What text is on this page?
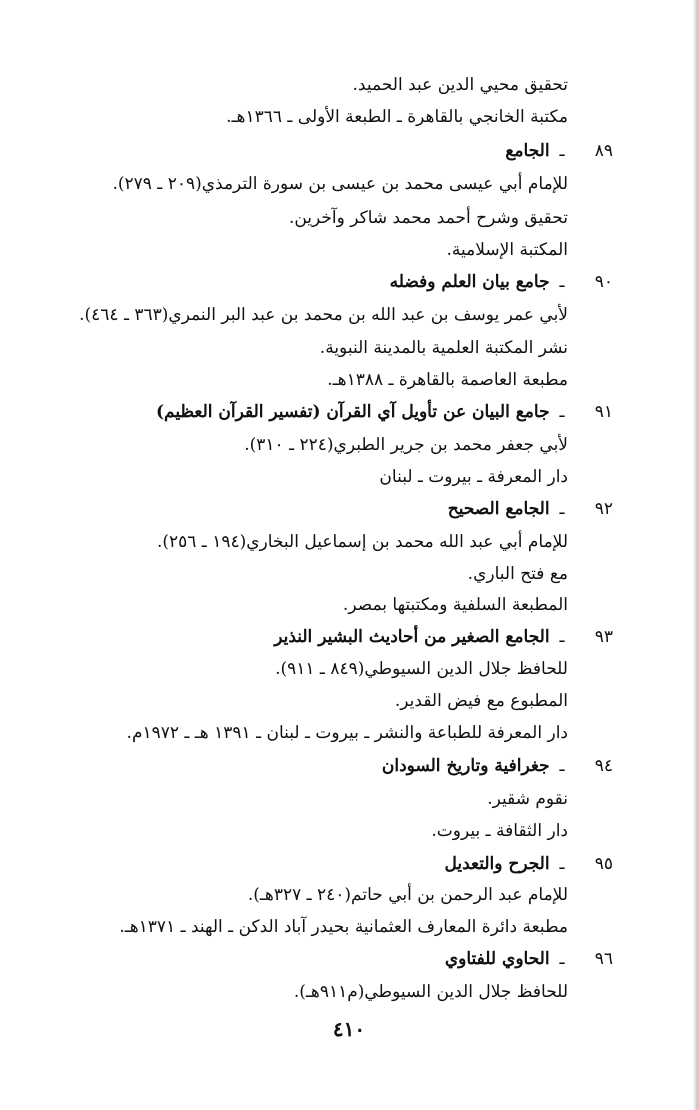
تحقيق محيي الدين عبد الحميد.
مكتبة الخانجي بالقاهرة ـ الطبعة الأولى ـ ١٣٦٦هـ.
٨٩ـ الجامع
للإمام أبي عيسى محمد بن عيسى بن سورة الترمذي(٢٠٩ ـ ٢٧٩).
تحقيق وشرح أحمد محمد شاكر وآخرين.
المكتبة الإسلامية.
٩٠ـ جامع بيان العلم وفضله
لأبي عمر يوسف بن عبد الله بن محمد بن عبد البر النمري(٣٦٣ ـ ٤٦٤).
نشر المكتبة العلمية بالمدينة النبوية.
مطبعة العاصمة بالقاهرة ـ ١٣٨٨هـ.
٩١ـ جامع البيان عن تأويل آي القرآن (تفسير القرآن العظيم)
لأبي جعفر محمد بن جرير الطبري(٢٢٤ ـ ٣١٠).
دار المعرفة ـ بيروت ـ لبنان
٩٢ـ الجامع الصحيح
للإمام أبي عبد الله محمد بن إسماعيل البخاري(١٩٤ ـ ٢٥٦).
مع فتح الباري.
المطبعة السلفية ومكتبتها بمصر.
٩٣ـ الجامع الصغير من أحاديث البشير النذير
للحافظ جلال الدين السيوطي(٨٤٩ ـ ٩١١).
المطبوع مع فيض القدير.
دار المعرفة للطباعة والنشر ـ بيروت ـ لبنان ـ ١٣٩١ هـ ـ ١٩٧٢م.
٩٤ـ جغرافية وتاريخ السودان
نقوم شقير.
دار الثقافة ـ بيروت.
٩٥ـ الجرح والتعديل
للإمام عبد الرحمن بن أبي حاتم(٢٤٠ ـ ٣٢٧هـ).
مطبعة دائرة المعارف العثمانية بحيدر آباد الدكن ـ الهند ـ ١٣٧١هـ.
٩٦ـ الحاوي للفتاوي
للحافظ جلال الدين السيوطي(م٩١١هـ).
٤١٠
